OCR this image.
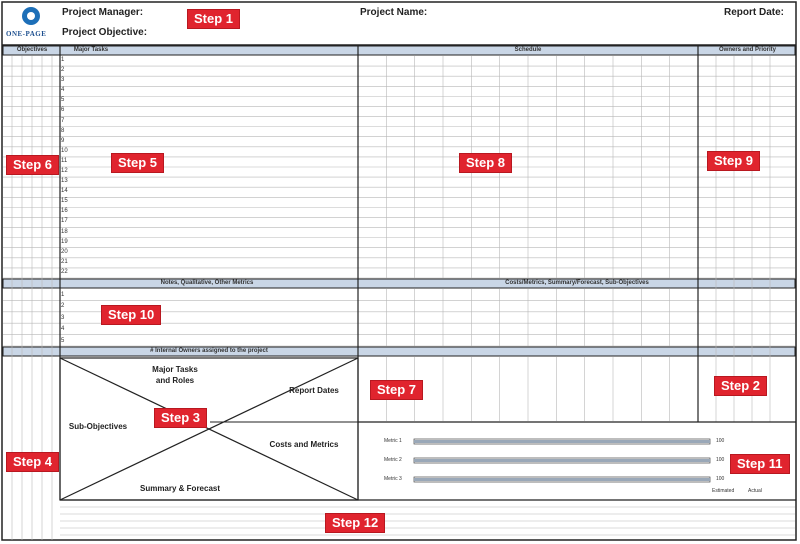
ONE-PAGE
Project Manager:
Project Objective:
Project Name:	Report Date:
Objectives	Major Tasks	Schedule	Owners and Priority
Notes, Qualitative, Other Metrics	Costs/Metrics, Summary/Forecast, Sub-Objectives
# Internal Owners assigned to the project
1
2
3
4
5
6
7
8
9
10
11
12
13
14
15
16
17
18
19
20
21
22
1
2
3
4
5
Major Tasks
and Roles
Sub-Objectives
Summary & Forecast
Report Dates
Costs and Metrics	Metric 1	100
Metric 2	100
Metric 3	100
Estimated	Actual
Step 1
Step 5
Step 6	Step 8	Step 9
Step 10
Step 7	Step 2
Step 3
Step 4	Step 11
Step 12
